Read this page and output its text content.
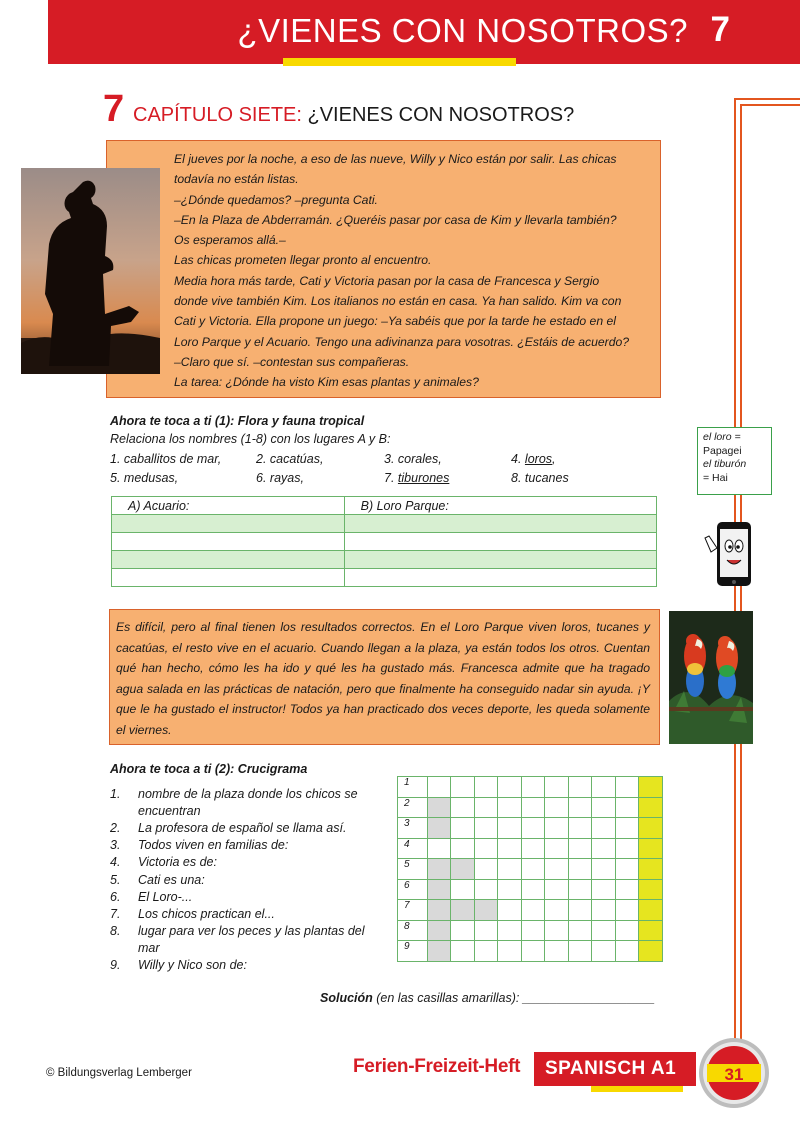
¿VIENES CON NOSOTROS? 7
7 CAPÍTULO SIETE: ¿VIENES CON NOSOTROS?
El jueves por la noche, a eso de las nueve, Willy y Nico están por salir. Las chicas
todavía no están listas.
–¿Dónde quedamos? –pregunta Cati.
–En la Plaza de Abderramán. ¿Queréis pasar por casa de Kim y llevarla también?
Os esperamos allá.–
Las chicas prometen llegar pronto al encuentro.
Media hora más tarde, Cati y Victoria pasan por la casa de Francesca y Sergio
donde vive también Kim. Los italianos no están en casa. Ya han salido. Kim va con
Cati y Victoria. Ella propone un juego: –Ya sabéis que por la tarde he estado en el
Loro Parque y el Acuario. Tengo una adivinanza para vosotras. ¿Estáis de acuerdo?
–Claro que sí. –contestan sus compañeras.
La tarea: ¿Dónde ha visto Kim esas plantas y animales?
Ahora te toca a ti (1): Flora y fauna tropical
Relaciona los nombres (1-8) con los lugares A y B:
1. caballitos de mar,	2. cacatúas,	3. corales,	4. loros,
5. medusas,	6. rayas,	7. tiburones	8. tucanes
el loro =
Papagei
el tiburón
= Hai
A) Acuario:	B) Loro Parque:

Es difícil, pero al final tienen los resultados correctos. En el Loro Parque viven loros, tucanes y cacatúas, el resto vive en el acuario. Cuando llegan a la plaza, ya están todos los otros. Cuentan qué han hecho, cómo les ha ido y qué les ha gustado más. Francesca admite que ha tragado agua salada en las prácticas de natación, pero que finalmente ha conseguido nadar sin ayuda. ¡Y que le ha gustado el instructor! Todos ya han practicado dos veces deporte, les queda solamente el viernes.
Ahora te toca a ti (2): Crucigrama
1.	nombre de la plaza donde los chicos se encuentran
2.	La profesora de español se llama así.
3.	Todos viven en familias de:
4.	Victoria es de:
5.	Cati es una:
6.	El Loro-...
7.	Los chicos practican el...
8.	lugar para ver los peces y las plantas del mar
9.	Willy y Nico son de:
1										
2										
3										
4										
5										
6										
7										
8										
9										
Solución (en las casillas amarillas): ___________________
© Bildungsverlag Lemberger	Ferien-Freizeit-Heft SPANISCH A1	31
